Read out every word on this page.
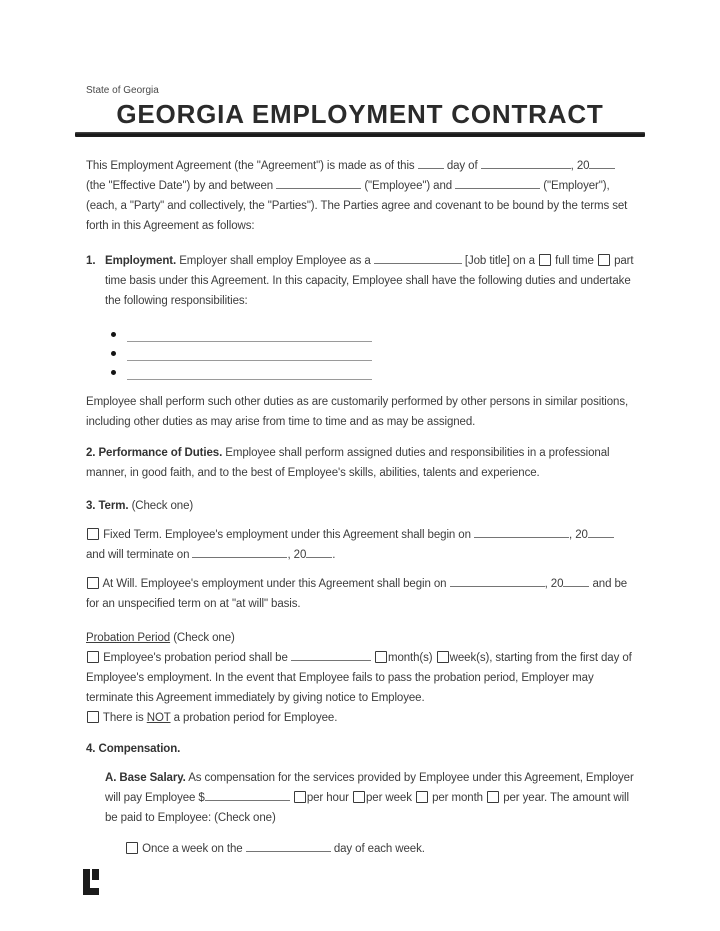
State of Georgia
GEORGIA EMPLOYMENT CONTRACT

This Employment Agreement (the "Agreement") is made as of this	day of	, 20 (the "Effective Date") by and between	("Employee") and	("Employer"), (each, a "Party" and collectively, the "Parties"). The Parties agree and covenant to be bound by the terms set forth in this Agreement as follows:

1. Employment. Employer shall employ Employee as a	[Job title] on a full time part time basis under this Agreement. In this capacity, Employee shall have the following duties and undertake the following responsibilities:

Employee shall perform such other duties as are customarily performed by other persons in similar positions, including other duties as may arise from time to time and as may be assigned.

2. Performance of Duties. Employee shall perform assigned duties and responsibilities in a professional manner, in good faith, and to the best of Employee's skills, abilities, talents and experience.

3. Term. (Check one)

Fixed Term. Employee's employment under this Agreement shall begin on	, 20 and will terminate on	, 20 .

At Will. Employee's employment under this Agreement shall begin on	, 20	and be for an unspecified term on at "at will" basis.

Probation Period (Check one)

Employee's probation period shall be	month(s) week(s), starting from the first day of Employee's employment. In the event that Employee fails to pass the probation period, Employer may terminate this Agreement immediately by giving notice to Employee.

There is NOT a probation period for Employee.

4. Compensation.

A. Base Salary. As compensation for the services provided by Employee under this Agreement, Employer will pay Employee $	per hour per week per month per year. The amount will be paid to Employee: (Check one)

Once a week on the	day of each week.
